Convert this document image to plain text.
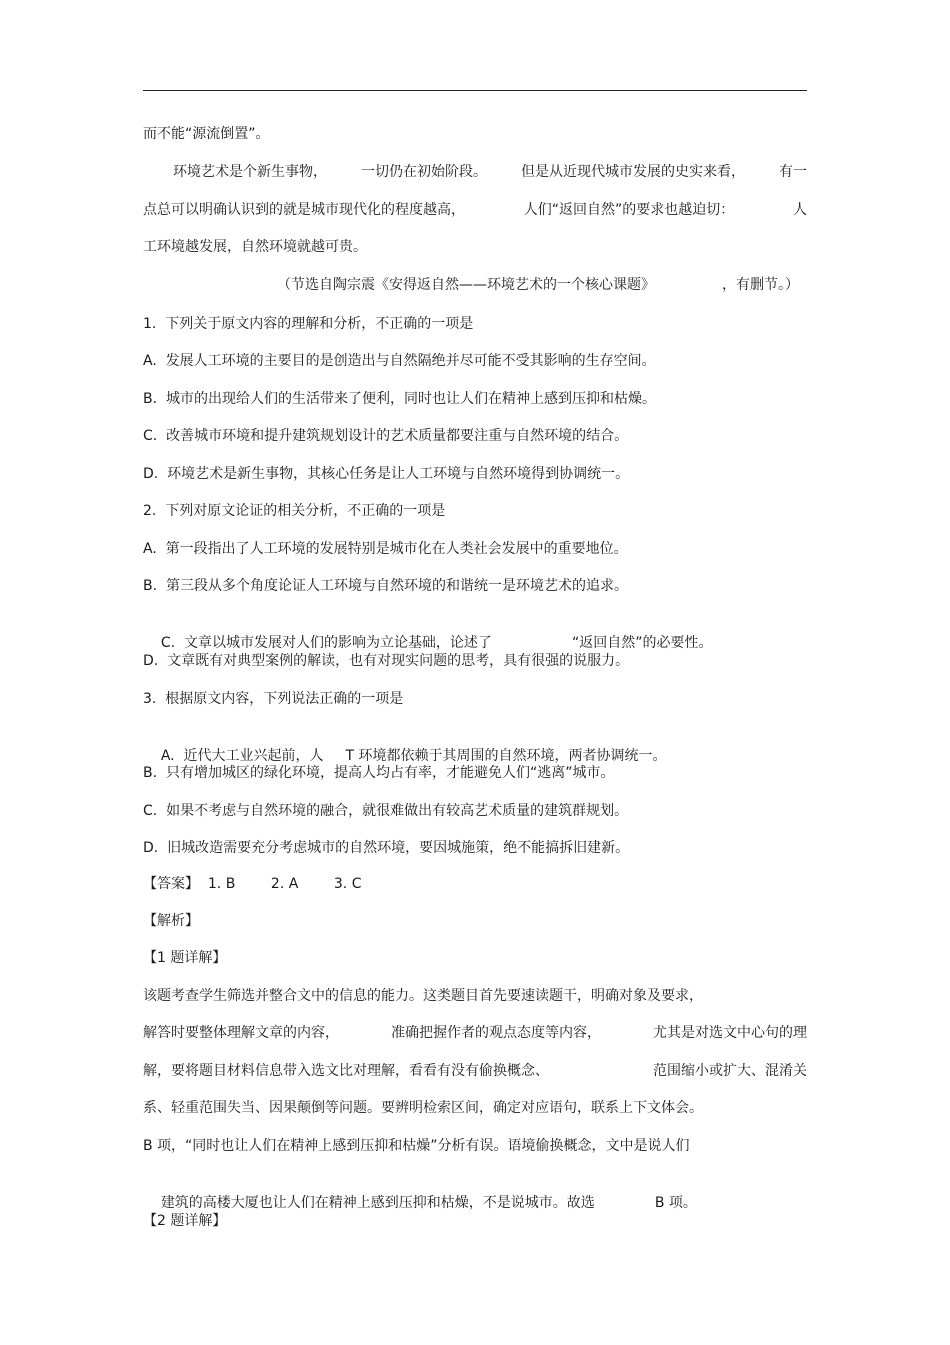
而不能“源流倒置”。
环境艺术是个新生事物， 一切仍在初始阶段。 但是从近现代城市发展的史实来看， 有一
点总可以明确认识到的就是城市现代化的程度越高，	人们“返回自然”的要求也越迫切：	人
工环境越发展，自然环境就越可贵。
（节选自陶宗震《安得返自然——环境艺术的一个核心课题》	，有删节。）
1.  下列关于原文内容的理解和分析，不正确的一项是
A.  发展人工环境的主要目的是创造出与自然隔绝并尽可能不受其影响的生存空间。
B.  城市的出现给人们的生活带来了便利，同时也让人们在精神上感到压抑和枯燥。
C.  改善城市环境和提升建筑规划设计的艺术质量都要注重与自然环境的结合。
D.  环境艺术是新生事物，其核心任务是让人工环境与自然环境得到协调统一。
2.  下列对原文论证的相关分析，不正确的一项是
A.  第一段指出了人工环境的发展特别是城市化在人类社会发展中的重要地位。
B.  第三段从多个角度论证人工环境与自然环境的和谐统一是环境艺术的追求。

C.  文章以城市发展对人们的影响为立论基础，论述了	“返回自然”的必要性。

D.  文章既有对典型案例的解读，也有对现实问题的思考，具有很强的说服力。
3.  根据原文内容，下列说法正确的一项是

A.  近代大工业兴起前，人 T 环境都依赖于其周围的自然环境，两者协调统一。

B.  只有增加城区的绿化环境，提高人均占有率，才能避免人们“逃离”城市。
C.  如果不考虑与自然环境的融合，就很难做出有较高艺术质量的建筑群规划。
D.  旧城改造需要充分考虑城市的自然环境，要因城施策，绝不能搞拆旧建新。
【答案】  1. B        2. A        3. C
【解析】
【1 题详解】
该题考查学生筛选并整合文中的信息的能力。这类题目首先要速读题干，明确对象及要求，
解答时要整体理解文章的内容，	准确把握作者的观点态度等内容，	尤其是对选文中心句的理
解，要将题目材料信息带入选文比对理解，看看有没有偷换概念、	范围缩小或扩大、混淆关
系、轻重范围失当、因果颠倒等问题。要辨明检索区间，确定对应语句，联系上下文体会。
B 项，“同时也让人们在精神上感到压抑和枯燥”分析有误。语境偷换概念，文中是说人们

建筑的高楼大厦也让人们在精神上感到压抑和枯燥，不是说城市。故选	B 项。

【2 题详解】
